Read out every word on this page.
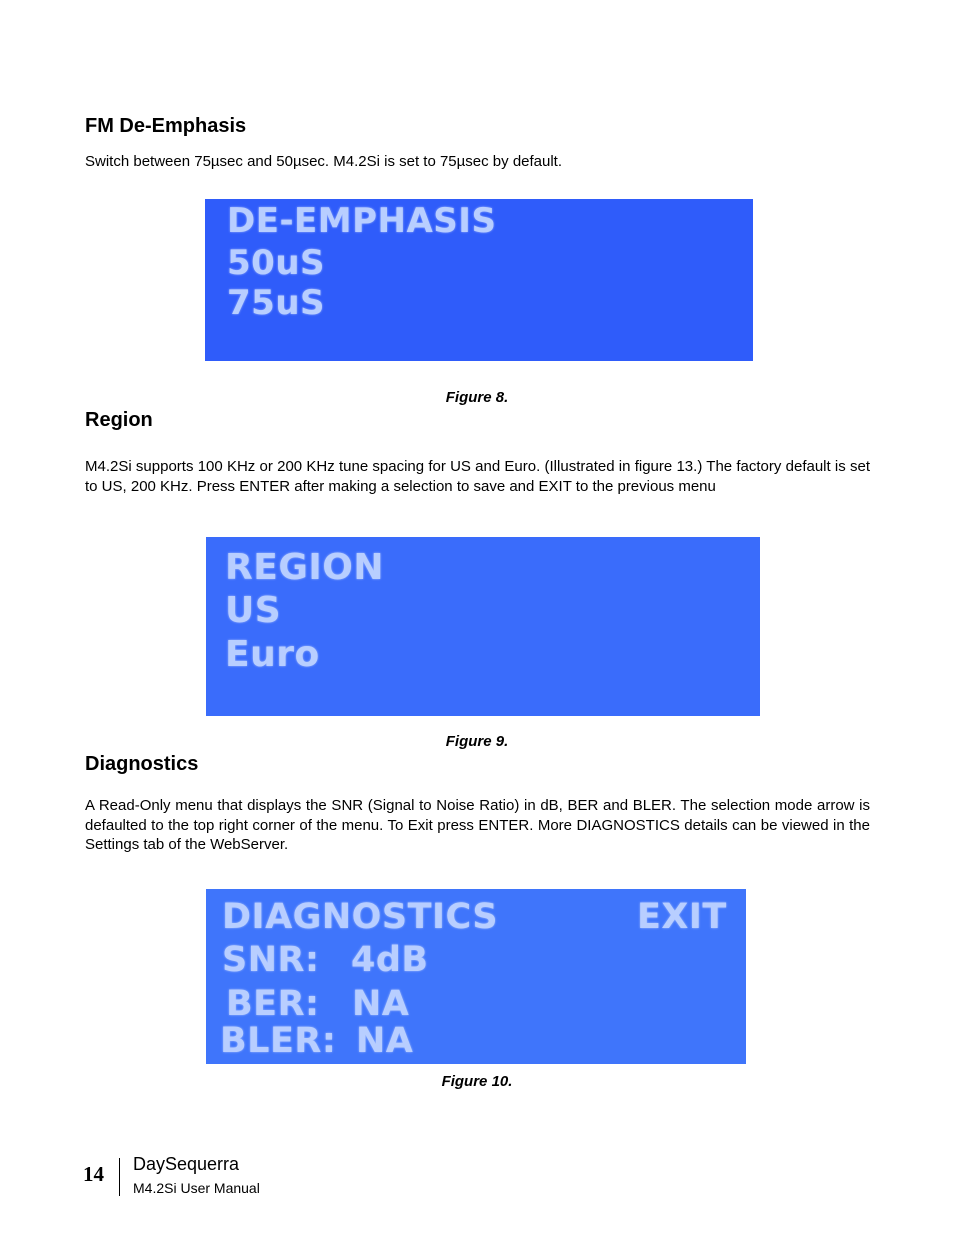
FM De-Emphasis

Switch between 75µsec and 50µsec. M4.2Si is set to 75µsec by default.

DE-EMPHASIS
50uS
75uS

Figure 8.

Region

M4.2Si supports 100 KHz or 200 KHz tune spacing for US and Euro. (Illustrated in figure 13.) The factory default is set to US, 200 KHz. Press ENTER after making a selection to save and EXIT to the previous menu

REGION
US
Euro

Figure 9.

Diagnostics

A Read-Only menu that displays the SNR (Signal to Noise Ratio) in dB, BER and BLER. The selection mode arrow is defaulted to the top right corner of the menu. To Exit press ENTER. More DIAGNOSTICS details can be viewed in the Settings tab of the WebServer.

DIAGNOSTICS	EXIT
SNR: 4dB
BER: NA
BLER: NA

Figure 10.

14 DaySequerra
M4.2Si User Manual
